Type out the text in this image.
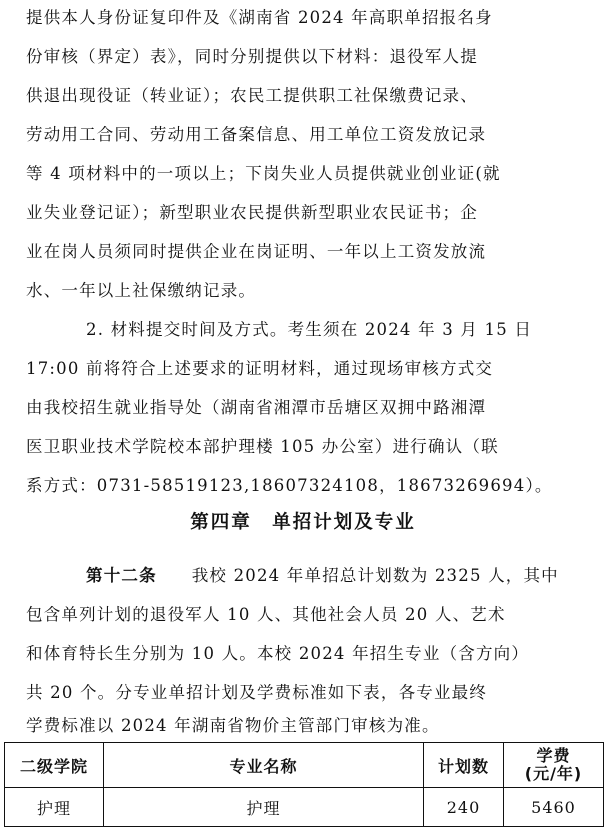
提供本人身份证复印件及《湖南省 2024 年高职单招报名身
份审核（界定）表》，同时分别提供以下材料：退役军人提
供退出现役证（转业证）；农民工提供职工社保缴费记录、
劳动用工合同、劳动用工备案信息、用工单位工资发放记录
等 4 项材料中的一项以上；下岗失业人员提供就业创业证(就
业失业登记证）；新型职业农民提供新型职业农民证书；企
业在岗人员须同时提供企业在岗证明、一年以上工资发放流
水、一年以上社保缴纳记录。
2. 材料提交时间及方式。考生须在 2024 年 3 月 15 日
17:00 前将符合上述要求的证明材料，通过现场审核方式交
由我校招生就业指导处（湖南省湘潭市岳塘区双拥中路湘潭
医卫职业技术学院校本部护理楼 105 办公室）进行确认（联
系方式：0731-58519123,18607324108，18673269694）。
第四章　单招计划及专业
第十二条 我校 2024 年单招总计划数为 2325 人，其中
包含单列计划的退役军人 10 人、其他社会人员 20 人、艺术
和体育特长生分别为 10 人。本校 2024 年招生专业（含方向）
共 20 个。分专业单招计划及学费标准如下表，各专业最终
学费标准以 2024 年湖南省物价主管部门审核为准。
二级学院	专业名称	计划数	学费
(元/年)

护理	护理	240	5460
